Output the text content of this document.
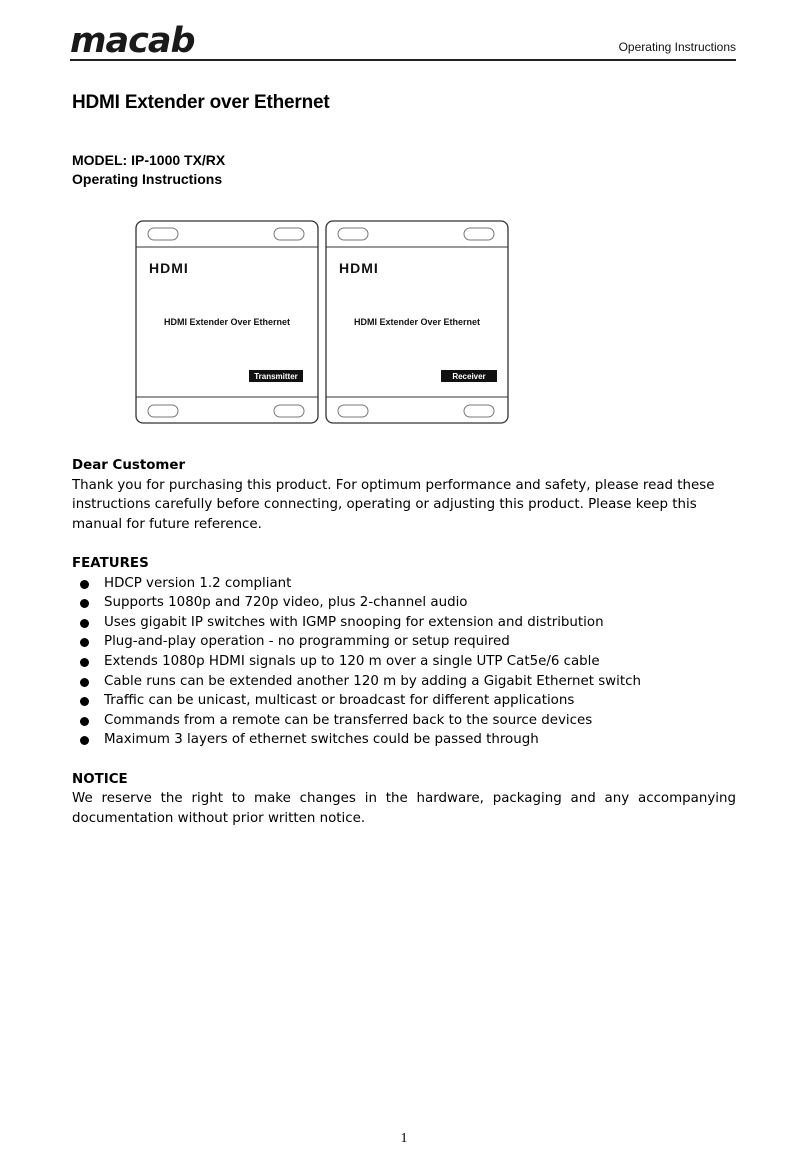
macab	Operating Instructions
HDMI Extender over Ethernet
MODEL: IP-1000 TX/RX
Operating Instructions
HDMI
HDMI Extender Over Ethernet
Transmitter
HDMI
HDMI Extender Over Ethernet
Receiver

Dear Customer

Thank you for purchasing this product. For optimum performance and safety, please read these instructions carefully before connecting, operating or adjusting this product. Please keep this manual for future reference.

FEATURES

HDCP version 1.2 compliant
Supports 1080p and 720p video, plus 2-channel audio
Uses gigabit IP switches with IGMP snooping for extension and distribution
Plug-and-play operation - no programming or setup required
Extends 1080p HDMI signals up to 120 m over a single UTP Cat5e/6 cable
Cable runs can be extended another 120 m by adding a Gigabit Ethernet switch
Traffic can be unicast, multicast or broadcast for different applications
Commands from a remote can be transferred back to the source devices
Maximum 3 layers of ethernet switches could be passed through

NOTICE

We reserve the right to make changes in the hardware, packaging and any accompanying documentation without prior written notice.

1
